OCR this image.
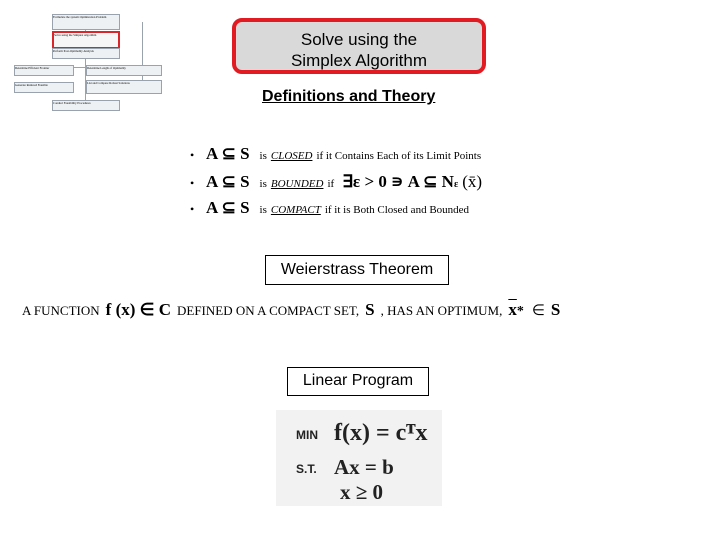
Formulate the system Optimization Problem
Solve using the Simplex Algorithm
Perform Post-Optimality Analysis
Determine Efficient Frontier	Determine Length of Optimality
Generate Reduced Feasible	List and Compare Robust Solutions
Conduct Feasibility Procedures
Solve using the
Simplex Algorithm
Definitions and Theory
• A ⊆ S is CLOSED if it Contains Each of its Limit Points
• A ⊆ S is BOUNDED if ∃ε > 0 ∍ A ⊆ N ε (x̄)
• A ⊆ S is COMPACT if it is Both Closed and Bounded
Weierstrass Theorem
A FUNCTION f (x) ∈ C DEFINED ON A COMPACT SET, S , HAS AN OPTIMUM, $\overline{x}$ * ∈ S
Linear Program
MIN f(x) = cᵀx
S.T. Ax = b
x ≥ 0
